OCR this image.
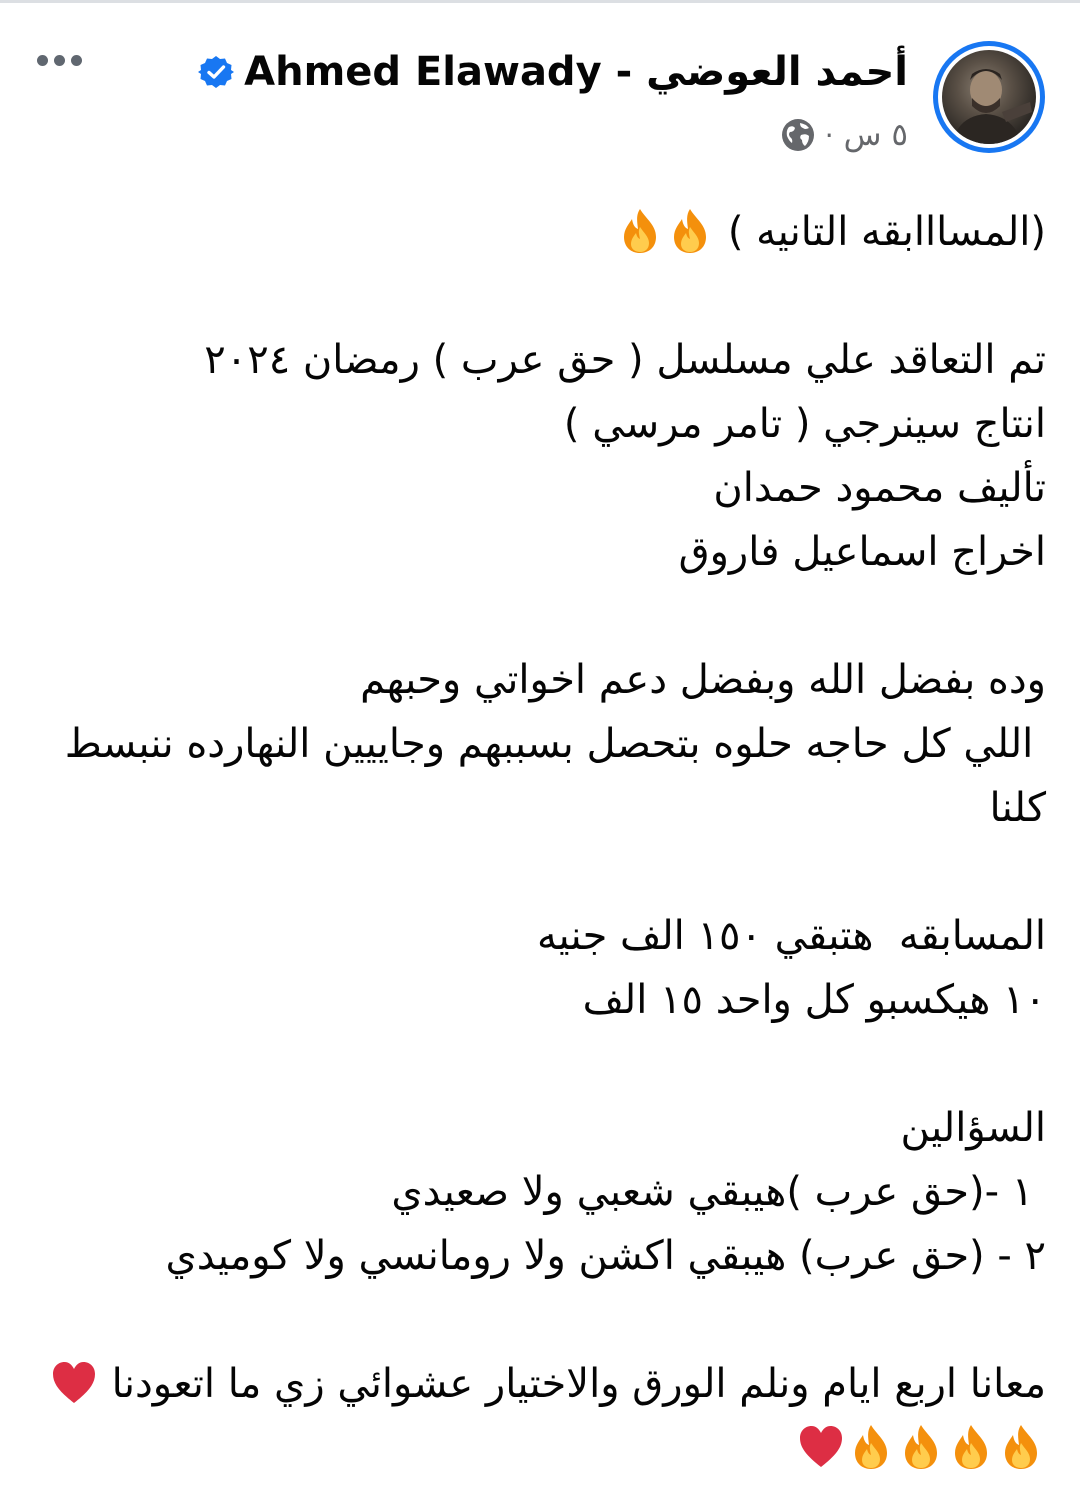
أحمد العوضي - Ahmed Elawady
· ٥ س
(المسااابقه التانيه )
تم التعاقد علي مسلسل ( حق عرب ) رمضان ٢٠٢٤
انتاج سينرجي ( تامر مرسي )
تأليف محمود حمدان
اخراج اسماعيل فاروق
وده بفضل الله وبفضل دعم اخواتي وحبهم
اللي كل حاجه حلوه بتحصل بسببهم وجاييين النهارده ننبسط
كلنا
المسابقه  هتبقي ١٥٠ الف جنيه
١٠ هيكسبو كل واحد ١٥ الف
السؤالين
١ -(حق عرب )هيبقي شعبي ولا صعيدي
٢ - (حق عرب) هيبقي اكشن ولا رومانسي ولا كوميدي
معانا اربع ايام ونلم الورق والاختيار عشوائي زي ما اتعودنا
